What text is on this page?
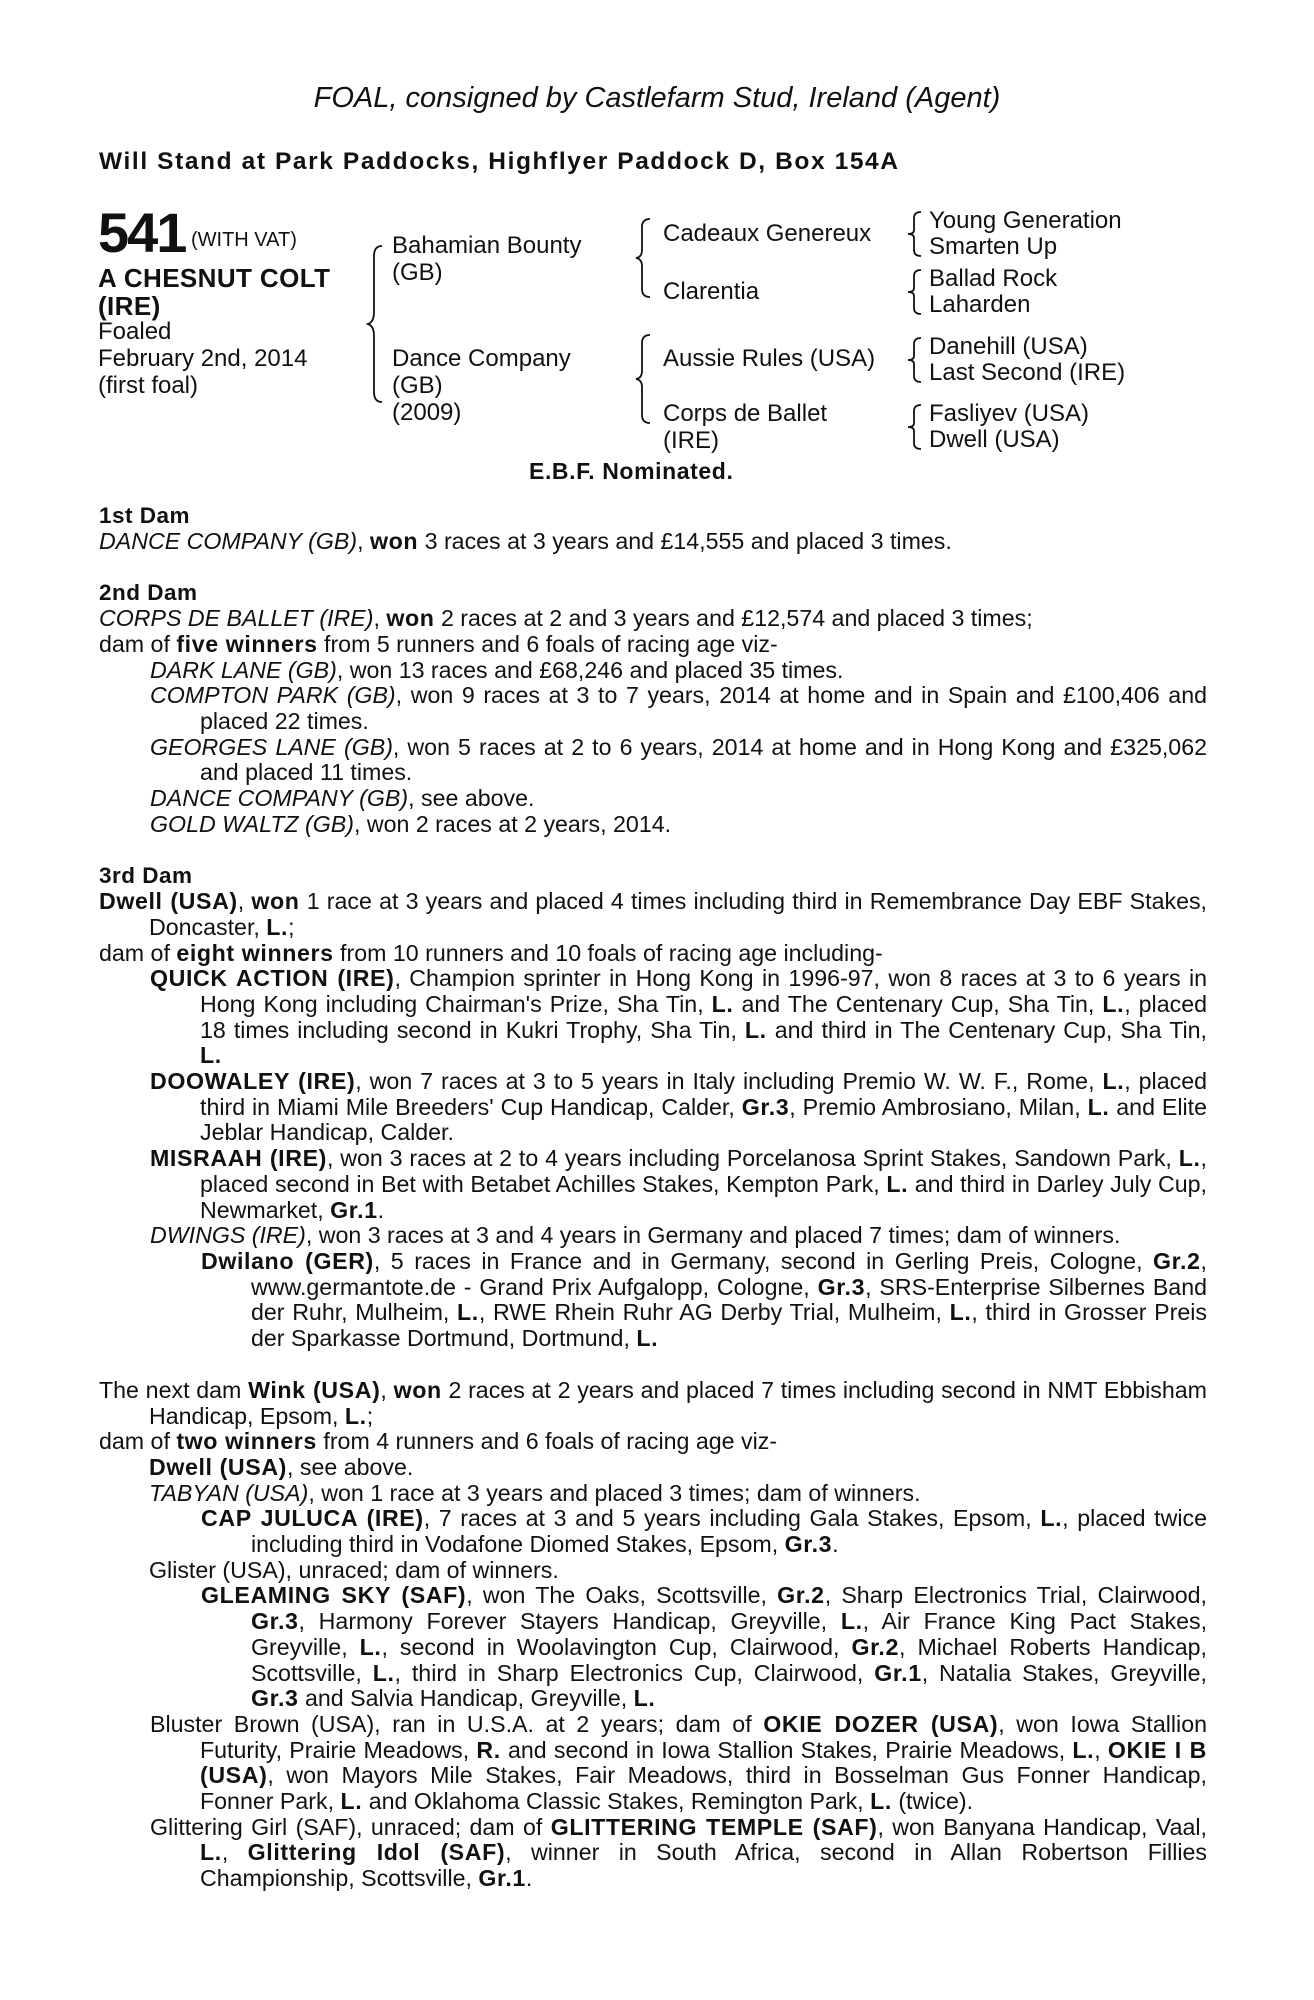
FOAL, consigned by Castlefarm Stud, Ireland (Agent)
Will Stand at Park Paddocks, Highflyer Paddock D, Box 154A
541 (WITH VAT)
A CHESNUT COLT
(IRE)
Foaled
February 2nd, 2014
(first foal)
Bahamian Bounty
(GB)
Dance Company
(GB)
(2009)
Cadeaux Genereux
Clarentia
Aussie Rules (USA)
Corps de Ballet
(IRE)
Young Generation
Smarten Up
Ballad Rock
Laharden
Danehill (USA)
Last Second (IRE)
Fasliyev (USA)
Dwell (USA)
E.B.F. Nominated.
1st Dam
DANCE COMPANY (GB), won 3 races at 3 years and £14,555 and placed 3 times.
2nd Dam
CORPS DE BALLET (IRE), won 2 races at 2 and 3 years and £12,574 and placed 3 times;
dam of five winners from 5 runners and 6 foals of racing age viz-
DARK LANE (GB), won 13 races and £68,246 and placed 35 times.
COMPTON PARK (GB), won 9 races at 3 to 7 years, 2014 at home and in Spain and £100,406 and placed 22 times.
GEORGES LANE (GB), won 5 races at 2 to 6 years, 2014 at home and in Hong Kong and £325,062 and placed 11 times.
DANCE COMPANY (GB), see above.
GOLD WALTZ (GB), won 2 races at 2 years, 2014.
3rd Dam
Dwell (USA), won 1 race at 3 years and placed 4 times including third in Remembrance Day EBF Stakes, Doncaster, L.;
dam of eight winners from 10 runners and 10 foals of racing age including-
QUICK ACTION (IRE), Champion sprinter in Hong Kong in 1996-97, won 8 races at 3 to 6 years in Hong Kong including Chairman's Prize, Sha Tin, L. and The Centenary Cup, Sha Tin, L., placed 18 times including second in Kukri Trophy, Sha Tin, L. and third in The Centenary Cup, Sha Tin, L.
DOOWALEY (IRE), won 7 races at 3 to 5 years in Italy including Premio W. W. F., Rome, L., placed third in Miami Mile Breeders' Cup Handicap, Calder, Gr.3, Premio Ambrosiano, Milan, L. and Elite Jeblar Handicap, Calder.
MISRAAH (IRE), won 3 races at 2 to 4 years including Porcelanosa Sprint Stakes, Sandown Park, L., placed second in Bet with Betabet Achilles Stakes, Kempton Park, L. and third in Darley July Cup, Newmarket, Gr.1.
DWINGS (IRE), won 3 races at 3 and 4 years in Germany and placed 7 times; dam of winners.
Dwilano (GER), 5 races in France and in Germany, second in Gerling Preis, Cologne, Gr.2, www.germantote.de - Grand Prix Aufgalopp, Cologne, Gr.3, SRS-Enterprise Silbernes Band der Ruhr, Mulheim, L., RWE Rhein Ruhr AG Derby Trial, Mulheim, L., third in Grosser Preis der Sparkasse Dortmund, Dortmund, L.
The next dam Wink (USA), won 2 races at 2 years and placed 7 times including second in NMT Ebbisham Handicap, Epsom, L.;
dam of two winners from 4 runners and 6 foals of racing age viz-
Dwell (USA), see above.
TABYAN (USA), won 1 race at 3 years and placed 3 times; dam of winners.
CAP JULUCA (IRE), 7 races at 3 and 5 years including Gala Stakes, Epsom, L., placed twice including third in Vodafone Diomed Stakes, Epsom, Gr.3.
Glister (USA), unraced; dam of winners.
GLEAMING SKY (SAF), won The Oaks, Scottsville, Gr.2, Sharp Electronics Trial, Clairwood, Gr.3, Harmony Forever Stayers Handicap, Greyville, L., Air France King Pact Stakes, Greyville, L., second in Woolavington Cup, Clairwood, Gr.2, Michael Roberts Handicap, Scottsville, L., third in Sharp Electronics Cup, Clairwood, Gr.1, Natalia Stakes, Greyville, Gr.3 and Salvia Handicap, Greyville, L.
Bluster Brown (USA), ran in U.S.A. at 2 years; dam of OKIE DOZER (USA), won Iowa Stallion Futurity, Prairie Meadows, R. and second in Iowa Stallion Stakes, Prairie Meadows, L., OKIE I B (USA), won Mayors Mile Stakes, Fair Meadows, third in Bosselman Gus Fonner Handicap, Fonner Park, L. and Oklahoma Classic Stakes, Remington Park, L. (twice).
Glittering Girl (SAF), unraced; dam of GLITTERING TEMPLE (SAF), won Banyana Handicap, Vaal, L., Glittering Idol (SAF), winner in South Africa, second in Allan Robertson Fillies Championship, Scottsville, Gr.1.
